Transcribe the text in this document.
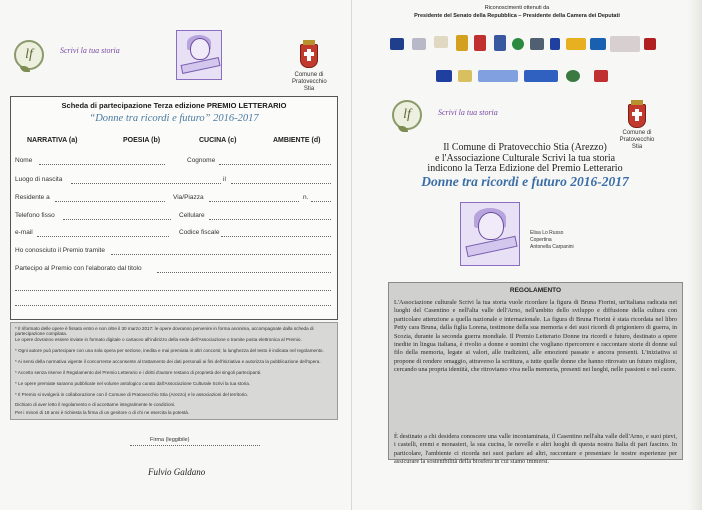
lf	Scrivi la tua storia
Comune di
Pratovecchio Stia
Scheda di partecipazione Terza edizione PREMIO LETTERARIO
“Donne tra ricordi e futuro” 2016-2017
NARRATIVA (a)	POESIA (b)	CUCINA (c)	AMBIENTE (d)
Nome	Cognome
Luogo di nascita	il
Residente a	Via/Piazza	n.
Telefono fisso	Cellulare
e-mail	Codice fiscale
Ho conosciuto il Premio tramite
Partecipo al Premio con l'elaborato dal titolo

* Il riformato delle opere è fissato entro e non oltre il 30 marzo 2017: le opere dovranno pervenire in forma anonima, accompagnate dalla scheda di partecipazione compilata.

Le opere dovranno essere inviate in formato digitale o cartaceo all'indirizzo della sede dell'Associazione o tramite posta elettronica al Premio.

* Ogni autore può partecipare con una sola opera per sezione, inedita e mai premiata in altri concorsi; la lunghezza del testo è indicata nel regolamento.

* Ai sensi della normativa vigente il concorrente acconsente al trattamento dei dati personali ai fini dell'iniziativa e autorizza la pubblicazione dell'opera.

* Accetto senza riserve il Regolamento del Premio Letterario e i diritti d'autore restano di proprietà dei singoli partecipanti.

* Le opere premiate saranno pubblicate nel volume antologico curato dall'Associazione Culturale Scrivi la tua storia.

* Il Premio si svolgerà in collaborazione con il Comune di Pratovecchio Stia (Arezzo) e le associazioni del territorio.

Dichiaro di aver letto il regolamento e di accettarne integralmente le condizioni.

Per i minori di 18 anni è richiesta la firma di un genitore o di chi ne esercita la potestà.

Firma (leggibile)
Fulvio Galdano
Riconoscimenti ottenuti da
Presidente del Senato della Repubblica – Presidente della Camera dei Deputati
lf	Scrivi la tua storia
Comune di
Pratovecchio Stia
Il Comune di Pratovecchio Stia (Arezzo)
e l'Associazione Culturale Scrivi la tua storia
indicono la Terza Edizione del Premio Letterario
Donne tra ricordi e futuro 2016-2017
Elisa Lo Russo
Copertina
Antonella Carpanini
REGOLAMENTO
L'Associazione culturale Scrivi la tua storia vuole ricordare la figura di Bruna Fiorini, un'italiana radicata nei luoghi del Casentino e nell'alta valle dell'Arno, nell'ambito dello sviluppo e diffusione della cultura con particolare attenzione a quella nazionale e internazionale. La figura di Bruna Fiorini è stata ricordata nel libro Petty cara Bruna, dalla figlia Lorena, testimone della sua memoria e dei suoi ricordi di prigioniero di guerra, in Scozia, durante la seconda guerra mondiale. Il Premio Letterario Donne tra ricordi e futuro, destinato a opere inedite in lingua italiana, è rivolto a donne e uomini che vogliano ripercorrere e raccontare storie di donne sul filo della memoria, legate ai valori, alle tradizioni, alle emozioni passate e ancora presenti. L'iniziativa si propone di rendere omaggio, attraverso la scrittura, a tutte quelle donne che hanno ritrovato un futuro migliore, cercando una propria identità, che ritroviamo viva nella memoria, presenti nei luoghi, nelle passioni e nel cuore.
È destinato a chi desidera conoscere una valle incontaminata, il Casentino nell'alta valle dell'Arno, e suoi pievi, i castelli, eremi e monasteri, la sua cucina, le novelle e altri luoghi di questa nostra Italia di pari fascino. In particolare, l'ambiente ci ricorda nei suoi parlare ad altri, raccontare e presentare le nostre esperienze per assicurare la sostenibilità della biosfera in cui siamo immersi.
